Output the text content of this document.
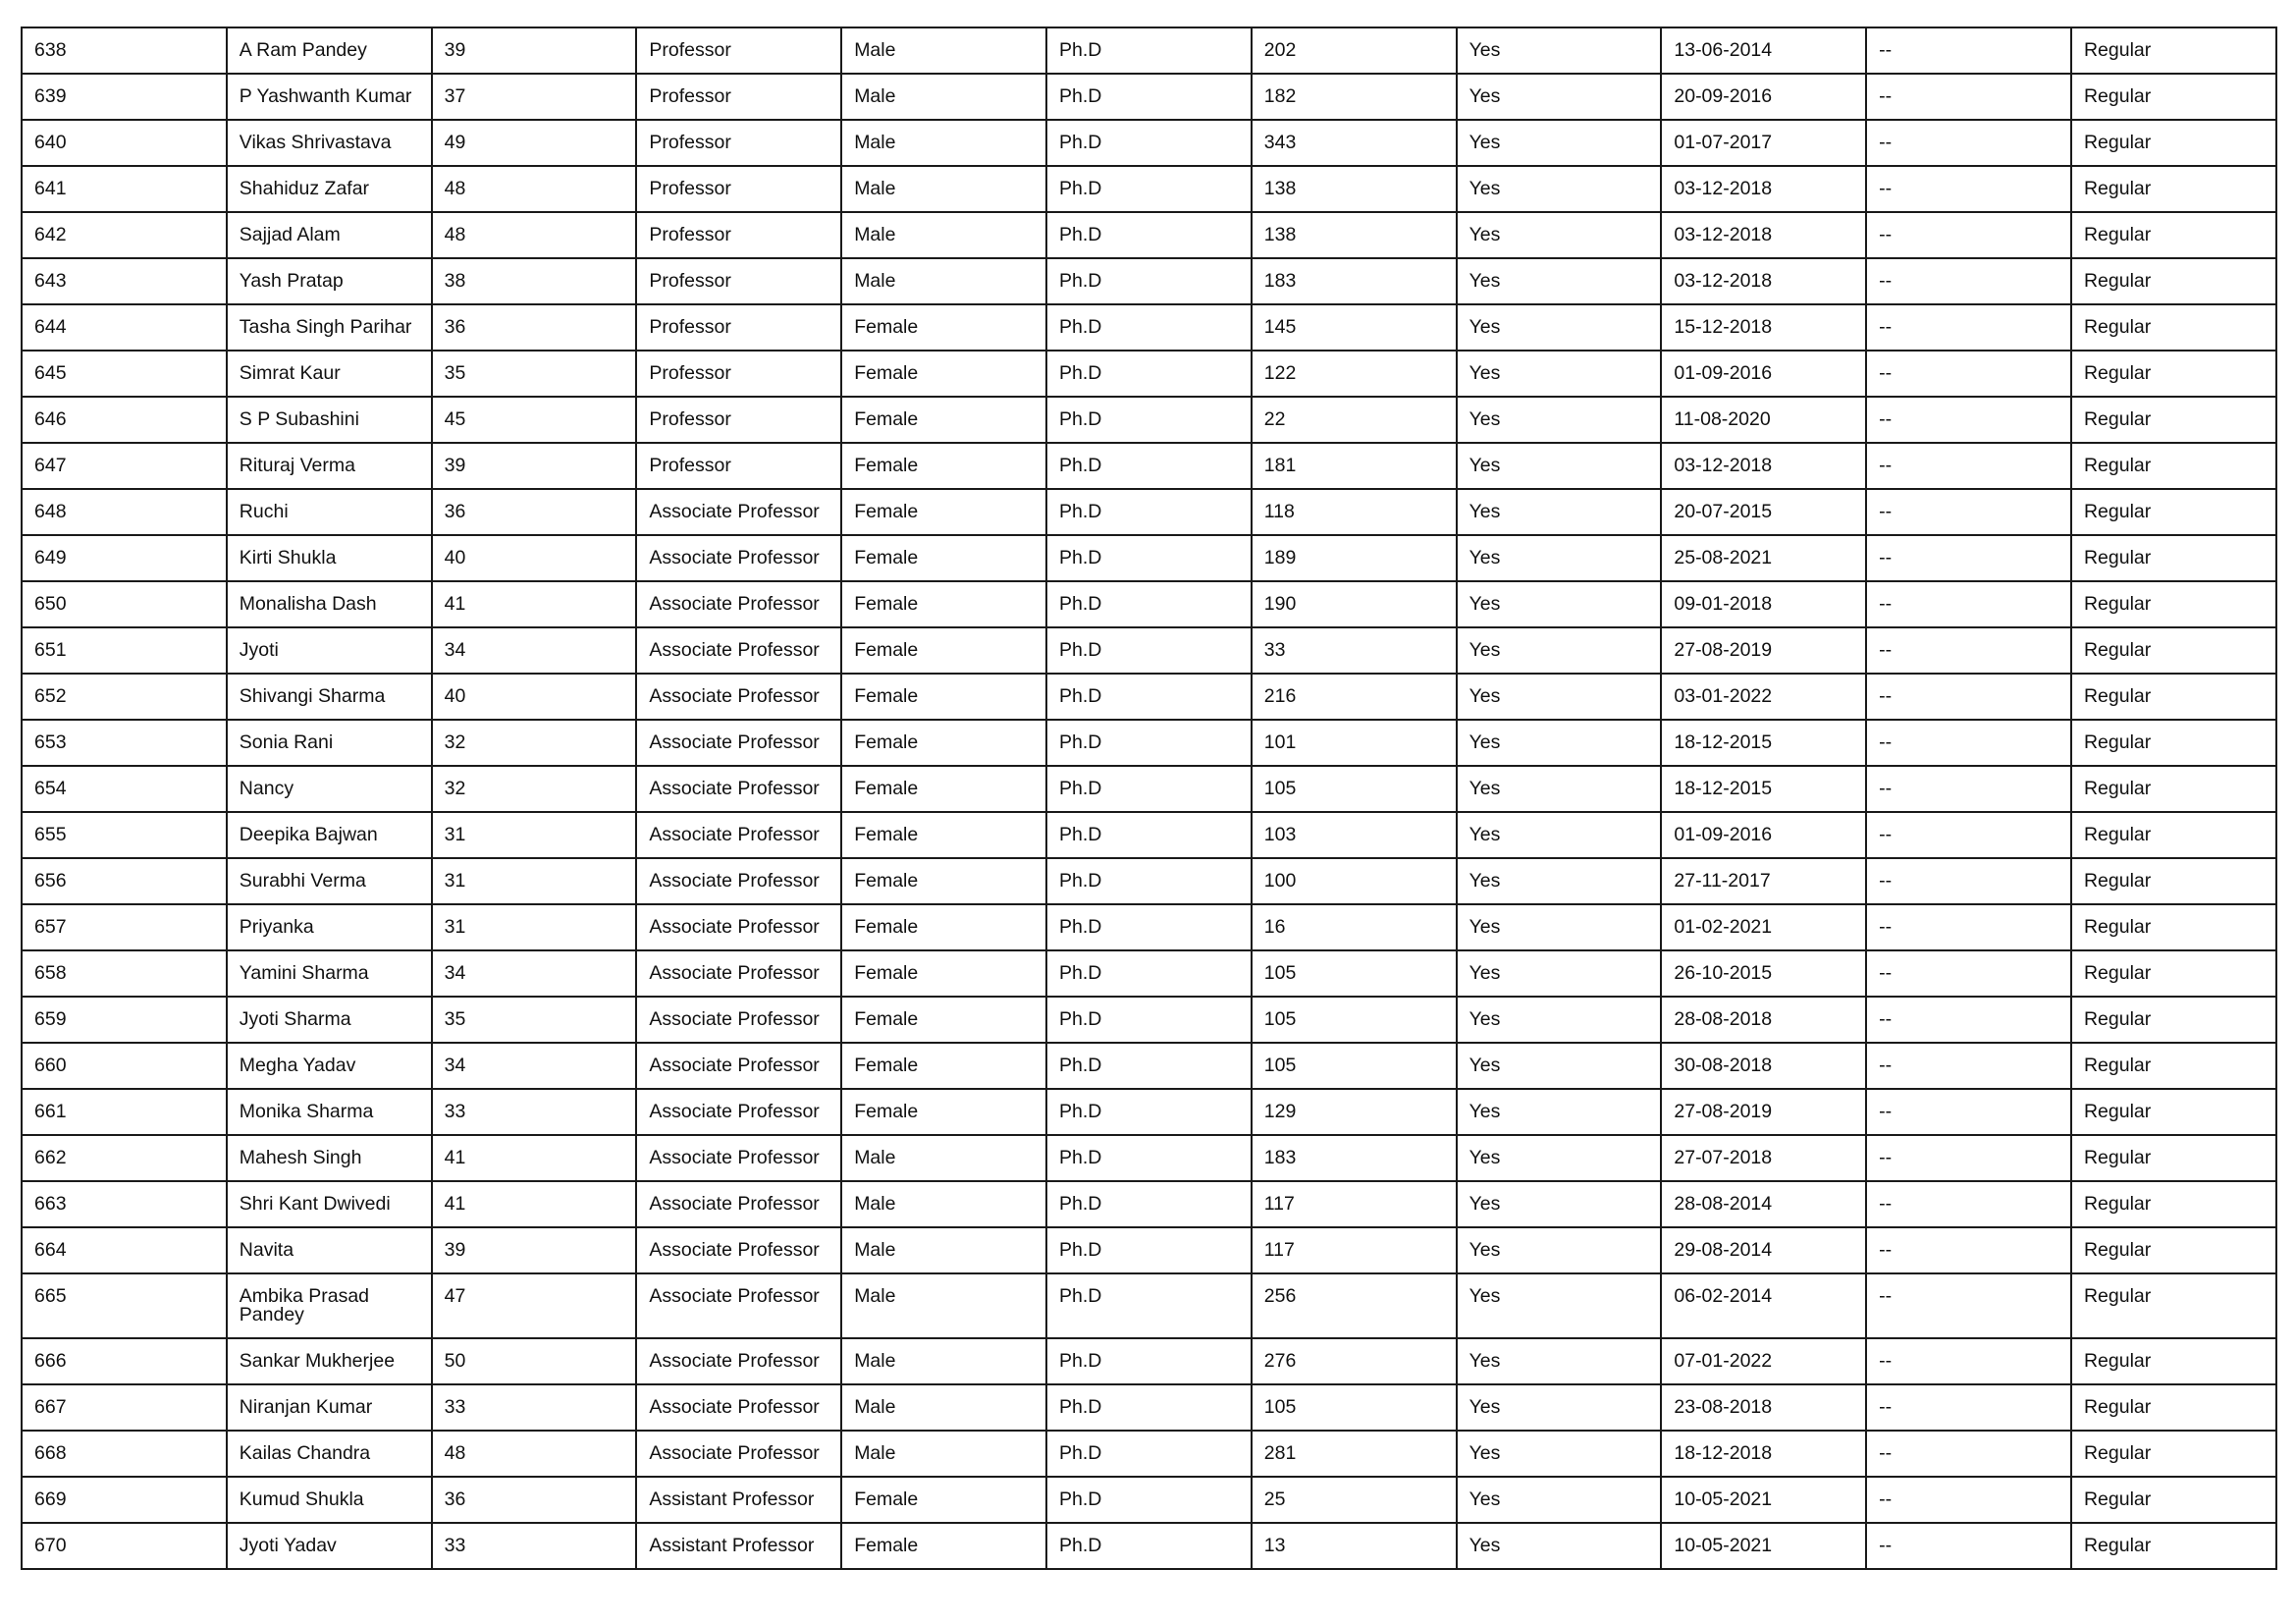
638	A Ram Pandey	39	Professor	Male	Ph.D	202	Yes	13-06-2014	--	Regular
639	P Yashwanth Kumar	37	Professor	Male	Ph.D	182	Yes	20-09-2016	--	Regular
640	Vikas Shrivastava	49	Professor	Male	Ph.D	343	Yes	01-07-2017	--	Regular
641	Shahiduz Zafar	48	Professor	Male	Ph.D	138	Yes	03-12-2018	--	Regular
642	Sajjad Alam	48	Professor	Male	Ph.D	138	Yes	03-12-2018	--	Regular
643	Yash Pratap	38	Professor	Male	Ph.D	183	Yes	03-12-2018	--	Regular
644	Tasha Singh Parihar	36	Professor	Female	Ph.D	145	Yes	15-12-2018	--	Regular
645	Simrat Kaur	35	Professor	Female	Ph.D	122	Yes	01-09-2016	--	Regular
646	S P Subashini	45	Professor	Female	Ph.D	22	Yes	11-08-2020	--	Regular
647	Rituraj Verma	39	Professor	Female	Ph.D	181	Yes	03-12-2018	--	Regular
648	Ruchi	36	Associate Professor	Female	Ph.D	118	Yes	20-07-2015	--	Regular
649	Kirti Shukla	40	Associate Professor	Female	Ph.D	189	Yes	25-08-2021	--	Regular
650	Monalisha Dash	41	Associate Professor	Female	Ph.D	190	Yes	09-01-2018	--	Regular
651	Jyoti	34	Associate Professor	Female	Ph.D	33	Yes	27-08-2019	--	Regular
652	Shivangi Sharma	40	Associate Professor	Female	Ph.D	216	Yes	03-01-2022	--	Regular
653	Sonia Rani	32	Associate Professor	Female	Ph.D	101	Yes	18-12-2015	--	Regular
654	Nancy	32	Associate Professor	Female	Ph.D	105	Yes	18-12-2015	--	Regular
655	Deepika Bajwan	31	Associate Professor	Female	Ph.D	103	Yes	01-09-2016	--	Regular
656	Surabhi Verma	31	Associate Professor	Female	Ph.D	100	Yes	27-11-2017	--	Regular
657	Priyanka	31	Associate Professor	Female	Ph.D	16	Yes	01-02-2021	--	Regular
658	Yamini Sharma	34	Associate Professor	Female	Ph.D	105	Yes	26-10-2015	--	Regular
659	Jyoti Sharma	35	Associate Professor	Female	Ph.D	105	Yes	28-08-2018	--	Regular
660	Megha Yadav	34	Associate Professor	Female	Ph.D	105	Yes	30-08-2018	--	Regular
661	Monika Sharma	33	Associate Professor	Female	Ph.D	129	Yes	27-08-2019	--	Regular
662	Mahesh Singh	41	Associate Professor	Male	Ph.D	183	Yes	27-07-2018	--	Regular
663	Shri Kant Dwivedi	41	Associate Professor	Male	Ph.D	117	Yes	28-08-2014	--	Regular
664	Navita	39	Associate Professor	Male	Ph.D	117	Yes	29-08-2014	--	Regular
665	Ambika Prasad Pandey	47	Associate Professor	Male	Ph.D	256	Yes	06-02-2014	--	Regular
666	Sankar Mukherjee	50	Associate Professor	Male	Ph.D	276	Yes	07-01-2022	--	Regular
667	Niranjan Kumar	33	Associate Professor	Male	Ph.D	105	Yes	23-08-2018	--	Regular
668	Kailas Chandra	48	Associate Professor	Male	Ph.D	281	Yes	18-12-2018	--	Regular
669	Kumud Shukla	36	Assistant Professor	Female	Ph.D	25	Yes	10-05-2021	--	Regular
670	Jyoti Yadav	33	Assistant Professor	Female	Ph.D	13	Yes	10-05-2021	--	Regular
